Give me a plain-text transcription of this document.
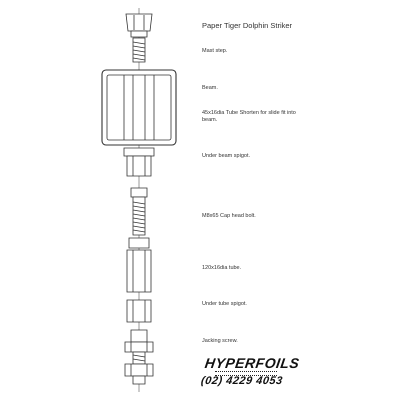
Paper Tiger Dolphin Striker
Mast step.
Beam.
45x16dia Tube Shorten for slide fit into
beam.
Under beam spigot.
M8x65 Cap head bolt.
120x16dia tube.
Under tube spigot.
Jacking screw.
HYPERFOILS
(02) 4229 4053
